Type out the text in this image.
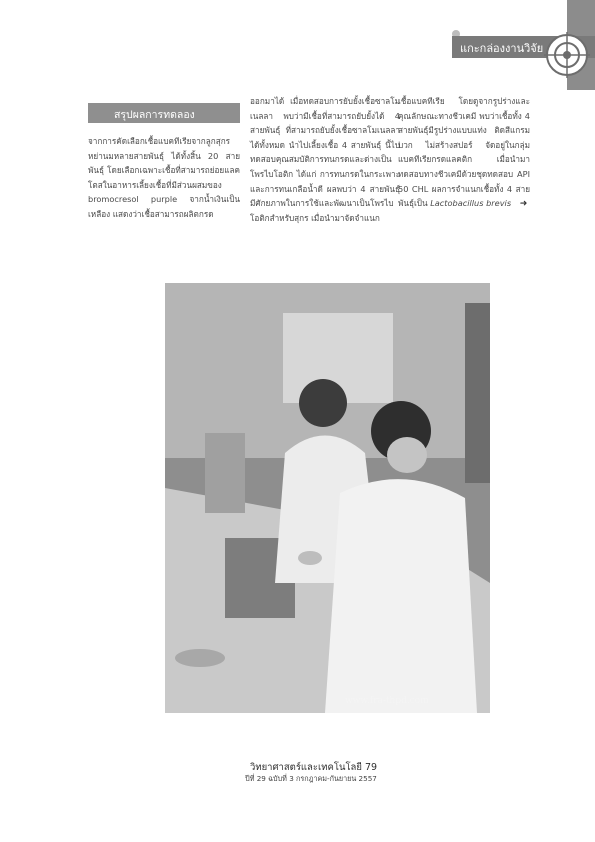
แกะกล่องงานวิจัย
สรุปผลการทดลอง

จากการคัดเลือกเชื้อแบคทีเรียจากลูกสุกรหย่านมหลายสายพันธุ์ ได้ทั้งสิ้น 20 สายพันธุ์ โดยเลือกเฉพาะเชื้อที่สามารถย่อยแลคโตสในอาหารเลี้ยงเชื้อที่มีส่วนผสมของ bromocresol purple จากน้ำเงินเป็นเหลือง แสดงว่าเชื้อสามารถผลิตกรด

ออกมาได้ เมื่อทดสอบการยับยั้งเชื้อซาลโมเนลลา พบว่ามีเชื้อที่สามารถยับยั้งได้ 4 สายพันธุ์ ที่สามารถยับยั้งเชื้อซาลโมเนลลาได้ทั้งหมด นำไปเลี้ยงเชื้อ 4 สายพันธุ์ นี้ไปทดสอบคุณสมบัติการทนกรดและด่างเป็นโพรไบโอติก ได้แก่ การทนกรดในกระเพาะ และการทนเกลือน้ำดี ผลพบว่า 4 สายพันธุ์ มีศักยภาพในการใช้และพัฒนาเป็นโพรไบโอติกสำหรับสุกร เมื่อนำมาจัดจำแนก

เชื้อแบคทีเรีย โดยดูจากรูปร่างและคุณลักษณะทางชีวเคมี พบว่าเชื้อทั้ง 4 สายพันธุ์มีรูปร่างแบบแท่ง ติดสีแกรมบวก ไม่สร้างสปอร์ จัดอยู่ในกลุ่มแบคทีเรียกรดแลคติก เมื่อนำมาทดสอบทางชีวเคมีด้วยชุดทดสอบ API 50 CHL ผลการจำแนกเชื้อทั้ง 4 สายพันธุ์เป็น Lactobacillus brevis ➜

www.fra-thpd.com
วิทยาศาสตร์และเทคโนโลยี 79
ปีที่ 29 ฉบับที่ 3 กรกฎาคม-กันยายน 2557
